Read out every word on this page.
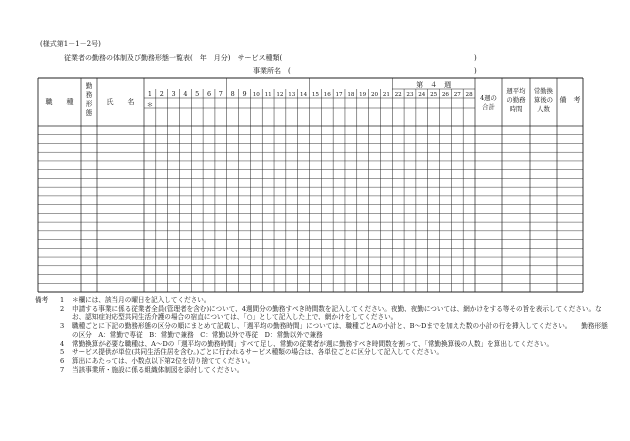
(様式第1－1－2号)
従業者の勤務の体制及び勤務形態一覧表(　年　月分)　サービス種類(	)
事業所名　(	)
職　　種
勤
務
形
態
氏　　名
第　４　週
1 2 3 4 5 6 7 8 9 10 11 12 13 14 15 16 17 18 19 20 21 22 23 24 25 26 27 28
＊
4週の
合計
週平均
の勤務
時間
常勤換
算後の
人数
備　考
備考 1 ＊欄には、該当月の曜日を記入してください。
2 申請する事業に係る従業者全員(管理者を含む)について、4週間分の勤務すべき時間数を記入してください。夜勤、夜勤については、網かけをする等その旨を表示してください。なお、認知症対応型共同生活介護の場合の宿直については、「○」として記入した上で、網かけをしてください。
3 職種ごとに下記の勤務形態の区分の順にまとめて記載し、「週平均の勤務時間」については、職種ごとAの小計と、B～Dまでを加えた数の小計の行を挿入してください。　　勤務形態の区分　A：常勤で専従　B：常勤で兼務　C：常勤以外で専従　D：常勤以外で兼務
4 常勤換算が必要な職種は、A～Dの「週平均の勤務時間」すべて足し、常勤の従業者が週に勤務すべき時間数を割って、「常勤換算後の人数」を算出してください。
5 サービス提供が単位(共同生活住居を含む。)ごとに行われるサービス種類の場合は、各単位ごとに区分して記入してください。
6 算出にあたっては、小数点以下第2位を切り捨ててください。
7 当該事業所・施設に係る組織体制図を添付してください。
